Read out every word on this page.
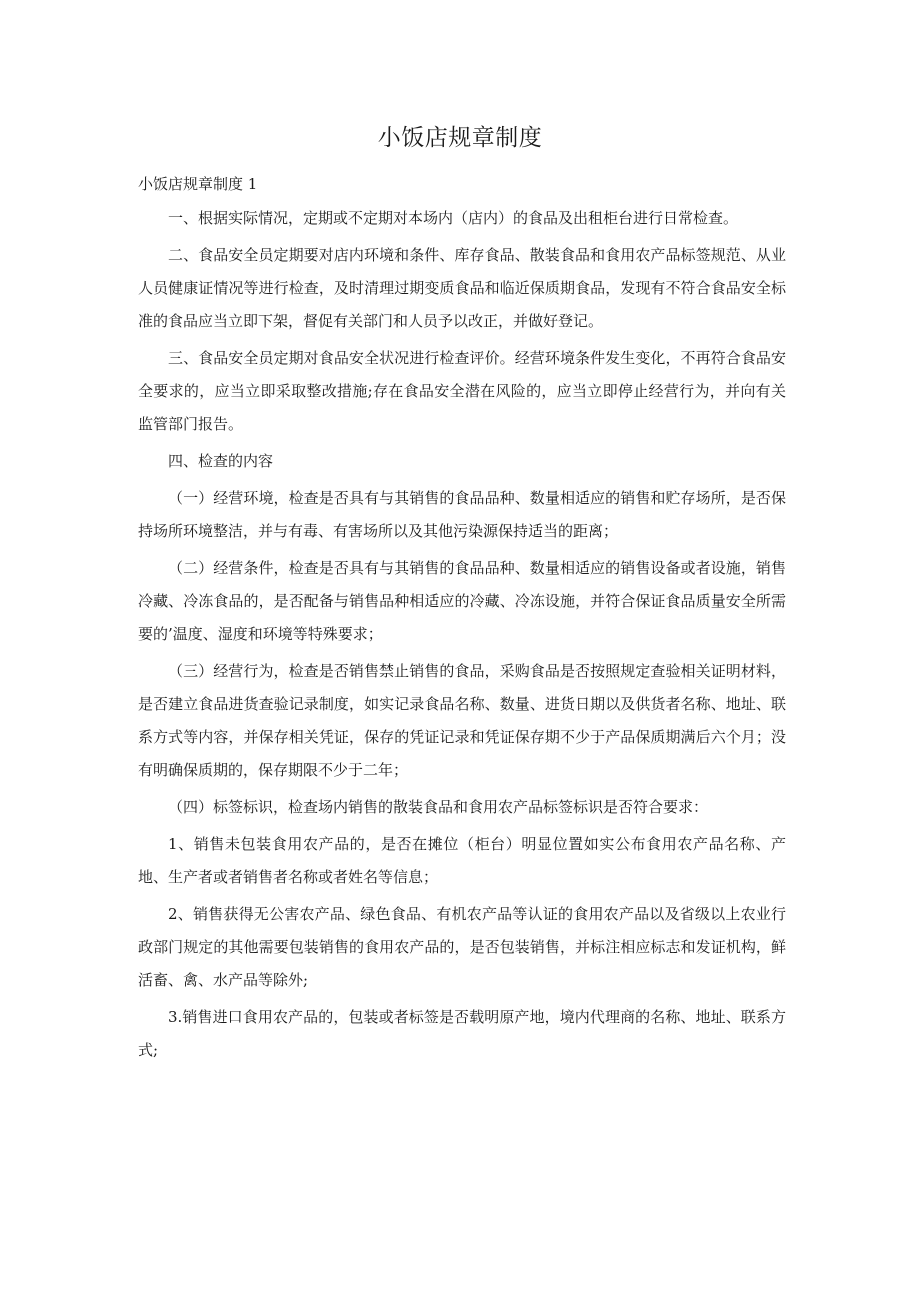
小饭店规章制度

小饭店规章制度 1

一、根据实际情况，定期或不定期对本场内（店内）的食品及出租柜台进行日常检查。

二、食品安全员定期要对店内环境和条件、库存食品、散装食品和食用农产品标签规范、从业人员健康证情况等进行检查，及时清理过期变质食品和临近保质期食品，发现有不符合食品安全标准的食品应当立即下架，督促有关部门和人员予以改正，并做好登记。

三、食品安全员定期对食品安全状况进行检查评价。经营环境条件发生变化，不再符合食品安全要求的，应当立即采取整改措施;存在食品安全潜在风险的，应当立即停止经营行为，并向有关监管部门报告。

四、检查的内容

（一）经营环境，检查是否具有与其销售的食品品种、数量相适应的销售和贮存场所，是否保持场所环境整洁，并与有毒、有害场所以及其他污染源保持适当的距离；

（二）经营条件，检查是否具有与其销售的食品品种、数量相适应的销售设备或者设施，销售冷藏、冷冻食品的，是否配备与销售品种相适应的冷藏、冷冻设施，并符合保证食品质量安全所需要的’温度、湿度和环境等特殊要求；

（三）经营行为，检查是否销售禁止销售的食品，采购食品是否按照规定查验相关证明材料，是否建立食品进货查验记录制度，如实记录食品名称、数量、进货日期以及供货者名称、地址、联系方式等内容，并保存相关凭证，保存的凭证记录和凭证保存期不少于产品保质期满后六个月；没有明确保质期的，保存期限不少于二年；

（四）标签标识，检查场内销售的散装食品和食用农产品标签标识是否符合要求：

1、销售未包装食用农产品的，是否在摊位（柜台）明显位置如实公布食用农产品名称、产地、生产者或者销售者名称或者姓名等信息；

2、销售获得无公害农产品、绿色食品、有机农产品等认证的食用农产品以及省级以上农业行政部门规定的其他需要包装销售的食用农产品的，是否包装销售，并标注相应标志和发证机构，鲜活畜、禽、水产品等除外;

3.销售进口食用农产品的，包装或者标签是否载明原产地，境内代理商的名称、地址、联系方式;
